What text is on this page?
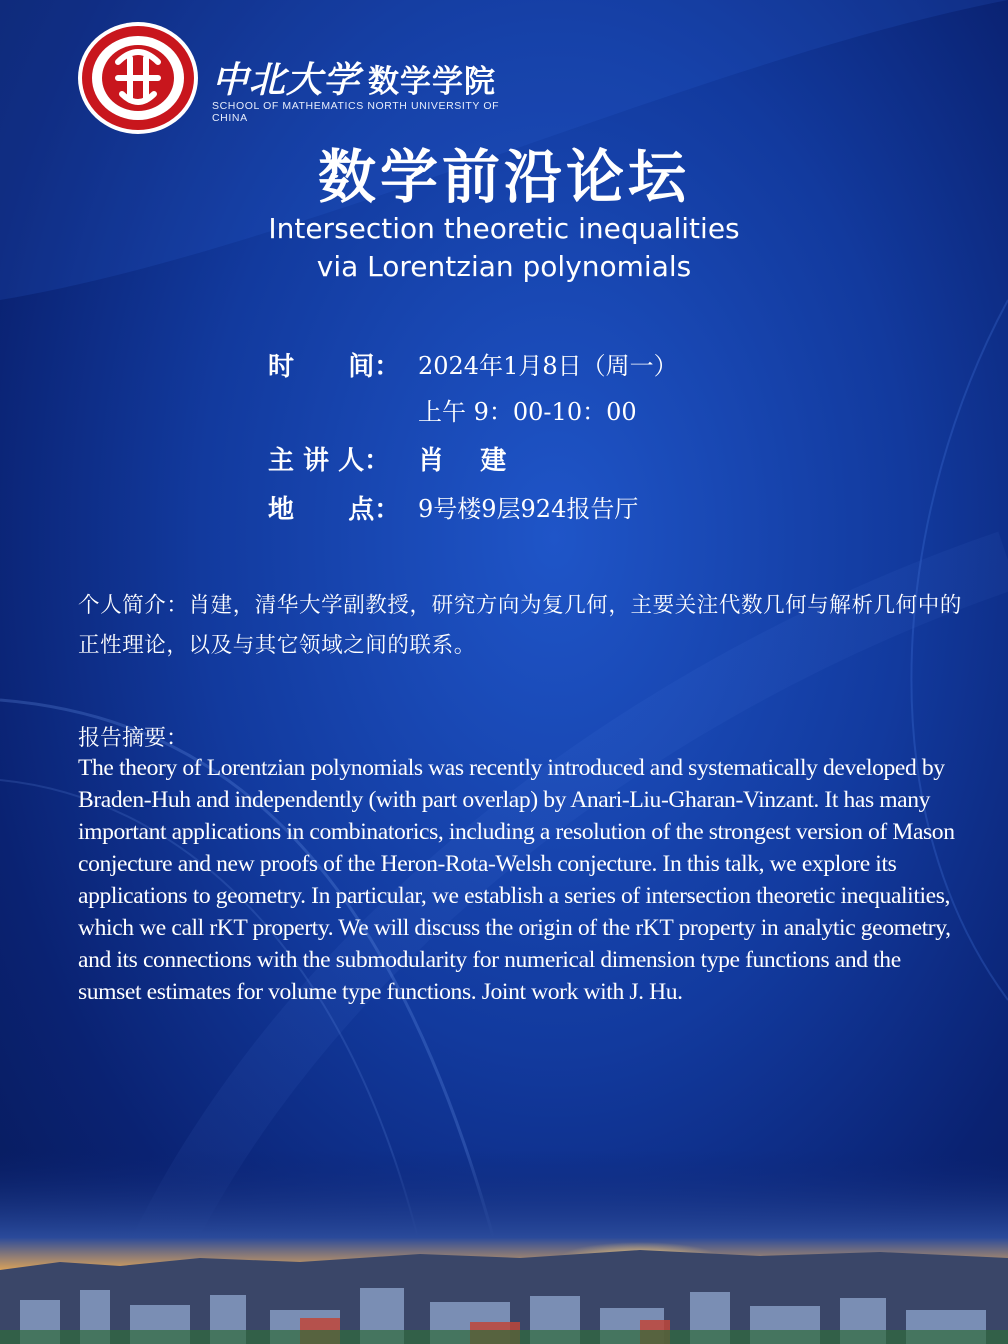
中北大学 数学学院
SCHOOL OF MATHEMATICS NORTH UNIVERSITY OF CHINA
数学前沿论坛
Intersection theoretic inequalities
via Lorentzian polynomials
时      间： 2024年1月8日（周一）
上午 9：00-10：00
主 讲 人： 肖    建
地      点： 9号楼9层924报告厅
个人简介：肖建，清华大学副教授，研究方向为复几何，主要关注代数几何与解析几何中的正性理论，以及与其它领域之间的联系。
报告摘要：
The theory of Lorentzian polynomials was recently introduced and systematically developed by Braden-Huh and independently (with part overlap) by Anari-Liu-Gharan-Vinzant. It has many important applications in combinatorics, including a resolution of the strongest version of Mason conjecture and new proofs of the Heron-Rota-Welsh conjecture. In this talk, we explore its applications to geometry. In particular, we establish a series of intersection theoretic inequalities, which we call rKT property. We will discuss the origin of the rKT property in analytic geometry, and its connections with the submodularity for numerical dimension type functions and the sumset estimates for volume type functions. Joint work with J. Hu.
